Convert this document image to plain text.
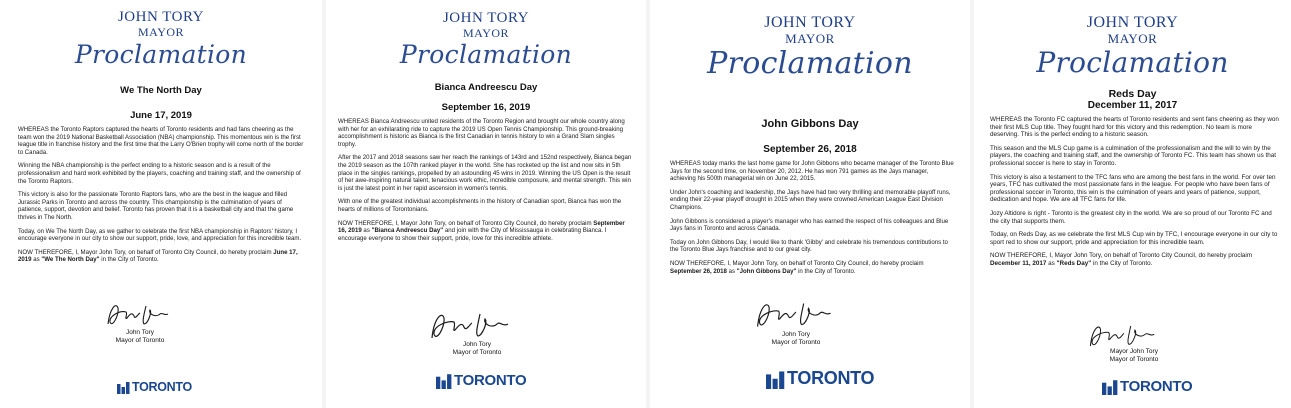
JOHN TORY
MAYOR
Proclamation
We The North Day
June 17, 2019

WHEREAS the Toronto Raptors captured the hearts of Toronto residents and had fans cheering as the team won the 2019 National Basketball Association (NBA) championship. This momentous win is the first league title in franchise history and the first time that the Larry O'Brien trophy will come north of the border to Canada.

Winning the NBA championship is the perfect ending to a historic season and is a result of the professionalism and hard work exhibited by the players, coaching and training staff, and the ownership of the Toronto Raptors.

This victory is also for the passionate Toronto Raptors fans, who are the best in the league and filled Jurassic Parks in Toronto and across the country. This championship is the culmination of years of patience, support, devotion and belief. Toronto has proven that it is a basketball city and that the game thrives in The North.

Today, on We The North Day, as we gather to celebrate the first NBA championship in Raptors' history, I encourage everyone in our city to show our support, pride, love, and appreciation for this incredible team.

NOW THEREFORE, I, Mayor John Tory, on behalf of Toronto City Council, do hereby proclaim June 17, 2019 as "We The North Day" in the City of Toronto.

John Tory
Mayor of Toronto
TORONTO
JOHN TORY
MAYOR
Proclamation
Bianca Andreescu Day
September 16, 2019

WHEREAS Bianca Andreescu united residents of the Toronto Region and brought our whole country along with her for an exhilarating ride to capture the 2019 US Open Tennis Championship. This ground-breaking accomplishment is historic as Bianca is the first Canadian in tennis history to win a Grand Slam singles trophy.

After the 2017 and 2018 seasons saw her reach the rankings of 143rd and 152nd respectively, Bianca began the 2019 season as the 107th ranked player in the world. She has rocketed up the list and now sits in 5th place in the singles rankings, propelled by an astounding 45 wins in 2019. Winning the US Open is the result of her awe-inspiring natural talent, tenacious work ethic, incredible composure, and mental strength. This win is just the latest point in her rapid ascension in women's tennis.

With one of the greatest individual accomplishments in the history of Canadian sport, Bianca has won the hearts of millions of Torontonians.

NOW THEREFORE, I, Mayor John Tory, on behalf of Toronto City Council, do hereby proclaim September 16, 2019 as "Bianca Andreescu Day" and join with the City of Mississauga in celebrating Bianca. I encourage everyone to show their support, pride, love for this incredible athlete.

John Tory
Mayor of Toronto
TORONTO
JOHN TORY
MAYOR
Proclamation
John Gibbons Day
September 26, 2018

WHEREAS today marks the last home game for John Gibbons who became manager of the Toronto Blue Jays for the second time, on November 20, 2012. He has won 791 games as the Jays manager, achieving his 500th managerial win on June 22, 2015.

Under John's coaching and leadership, the Jays have had two very thrilling and memorable playoff runs, ending their 22-year playoff drought in 2015 when they were crowned American League East Division Champions.

John Gibbons is considered a player's manager who has earned the respect of his colleagues and Blue Jays fans in Toronto and across Canada.

Today on John Gibbons Day, I would like to thank 'Gibby' and celebrate his tremendous contributions to the Toronto Blue Jays franchise and to our great city.

NOW THEREFORE, I, Mayor John Tory, on behalf of Toronto City Council, do hereby proclaim September 26, 2018 as "John Gibbons Day" in the City of Toronto.

John Tory
Mayor of Toronto
TORONTO
JOHN TORY
MAYOR
Proclamation
Reds Day
December 11, 2017

WHEREAS the Toronto FC captured the hearts of Toronto residents and sent fans cheering as they won their first MLS Cup title. They fought hard for this victory and this redemption. No team is more deserving. This is the perfect ending to a historic season.

This season and the MLS Cup game is a culmination of the professionalism and the will to win by the players, the coaching and training staff, and the ownership of Toronto FC. This team has shown us that professional soccer is here to stay in Toronto.

This victory is also a testament to the TFC fans who are among the best fans in the world. For over ten years, TFC has cultivated the most passionate fans in the league. For people who have been fans of professional soccer in Toronto, this win is the culmination of years and years of patience, support, dedication and hope. We are all TFC fans for life.

Jozy Altidore is right - Toronto is the greatest city in the world. We are so proud of our Toronto FC and the city that supports them.

Today, on Reds Day, as we celebrate the first MLS Cup win by TFC, I encourage everyone in our city to sport red to show our support, pride and appreciation for this incredible team.

NOW THEREFORE, I, Mayor John Tory, on behalf of Toronto City Council, do hereby proclaim December 11, 2017 as "Reds Day" in the City of Toronto.

Mayor John Tory
Mayor of Toronto
TORONTO
